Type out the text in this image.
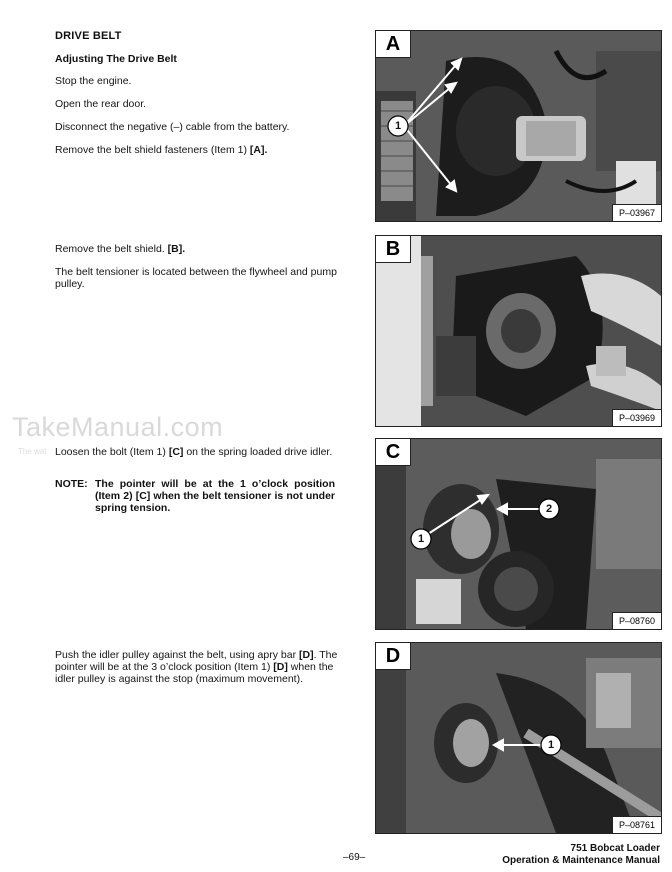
TakeManual.com
The wat
DRIVE BELT
Adjusting The Drive Belt
Stop the engine.
Open the rear door.
Disconnect the negative (–) cable from the battery.
Remove the belt shield fasteners (Item 1) [A].
Remove the belt shield. [B].
The belt tensioner is located between the flywheel and pump pulley.
Loosen the bolt (Item 1) [C] on the spring loaded drive idler.
NOTE: The pointer will be at the 1 o’clock position (Item 2) [C] when the belt tensioner is not under spring tension.
Push the idler pulley against the belt, using apry bar [D]. The pointer will be at the 3 o’clock position (Item 1) [D] when the idler pulley is against the stop (maximum movement).
A
1
P–03967
B
P–03969
C
1
2
P–08760
D
1
P–08761
–69–
751 Bobcat Loader
Operation & Maintenance Manual
